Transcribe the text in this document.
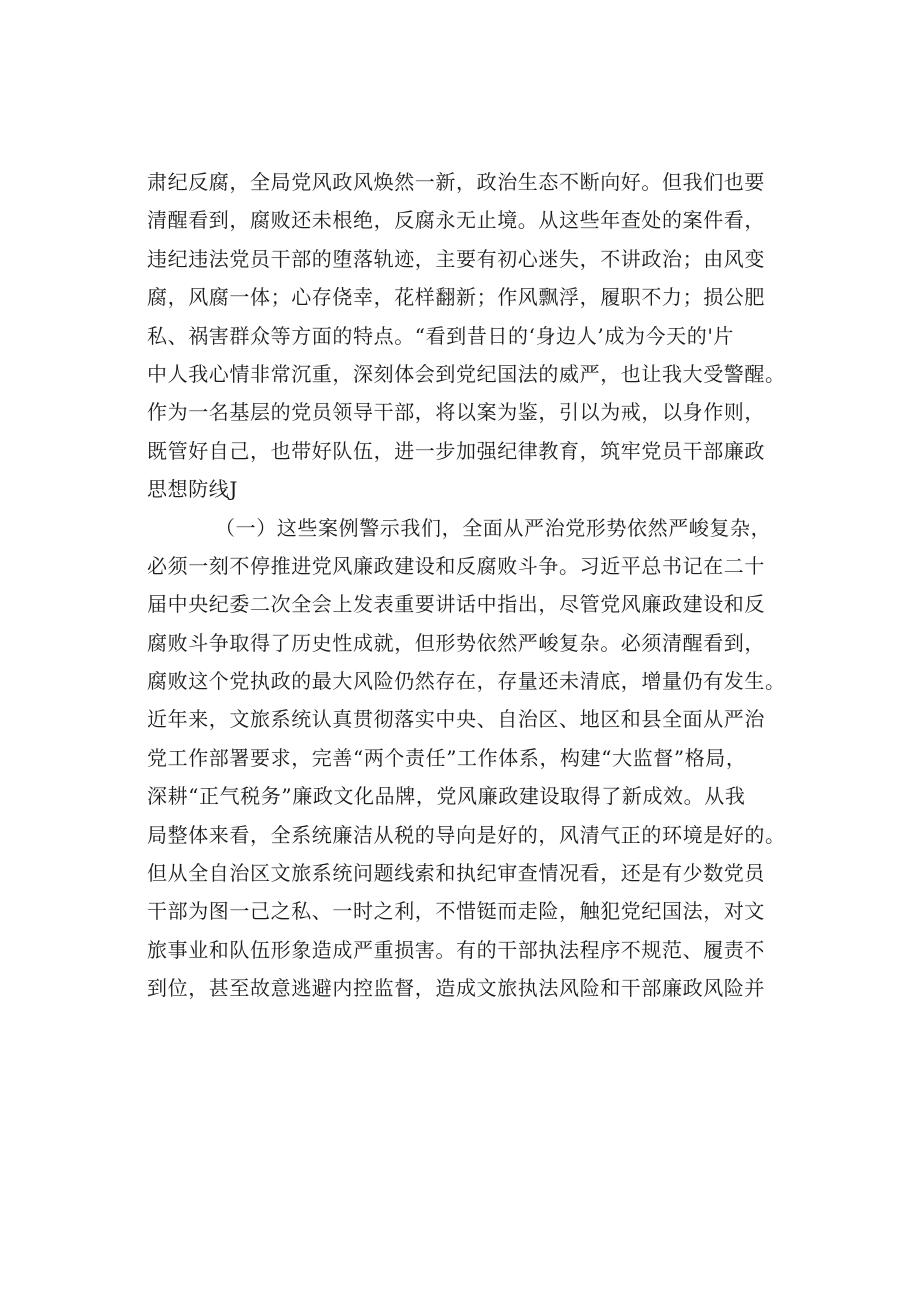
肃纪反腐，全局党风政风焕然一新，政治生态不断向好。但我们也要
清醒看到，腐败还未根绝，反腐永无止境。从这些年查处的案件看，
违纪违法党员干部的堕落轨迹，主要有初心迷失，不讲政治；由风变
腐，风腐一体；心存侥幸，花样翻新；作风飘浮，履职不力；损公肥
私、祸害群众等方面的特点。“看到昔日的‘身边人’成为今天的'片
中人我心情非常沉重，深刻体会到党纪国法的威严，也让我大受警醒。
作为一名基层的党员领导干部，将以案为鉴，引以为戒，以身作则，
既管好自己，也带好队伍，进一步加强纪律教育，筑牢党员干部廉政
思想防线J
（一）这些案例警示我们，全面从严治党形势依然严峻复杂，
必须一刻不停推进党风廉政建设和反腐败斗争。习近平总书记在二十
届中央纪委二次全会上发表重要讲话中指出，尽管党风廉政建设和反
腐败斗争取得了历史性成就，但形势依然严峻复杂。必须清醒看到，
腐败这个党执政的最大风险仍然存在，存量还未清底，增量仍有发生。
近年来，文旅系统认真贯彻落实中央、自治区、地区和县全面从严治
党工作部署要求，完善“两个责任”工作体系，构建“大监督”格局，
深耕“正气税务”廉政文化品牌，党风廉政建设取得了新成效。从我
局整体来看，全系统廉洁从税的导向是好的，风清气正的环境是好的。
但从全自治区文旅系统问题线索和执纪审查情况看，还是有少数党员
干部为图一己之私、一时之利，不惜铤而走险，触犯党纪国法，对文
旅事业和队伍形象造成严重损害。有的干部执法程序不规范、履责不
到位，甚至故意逃避内控监督，造成文旅执法风险和干部廉政风险并
